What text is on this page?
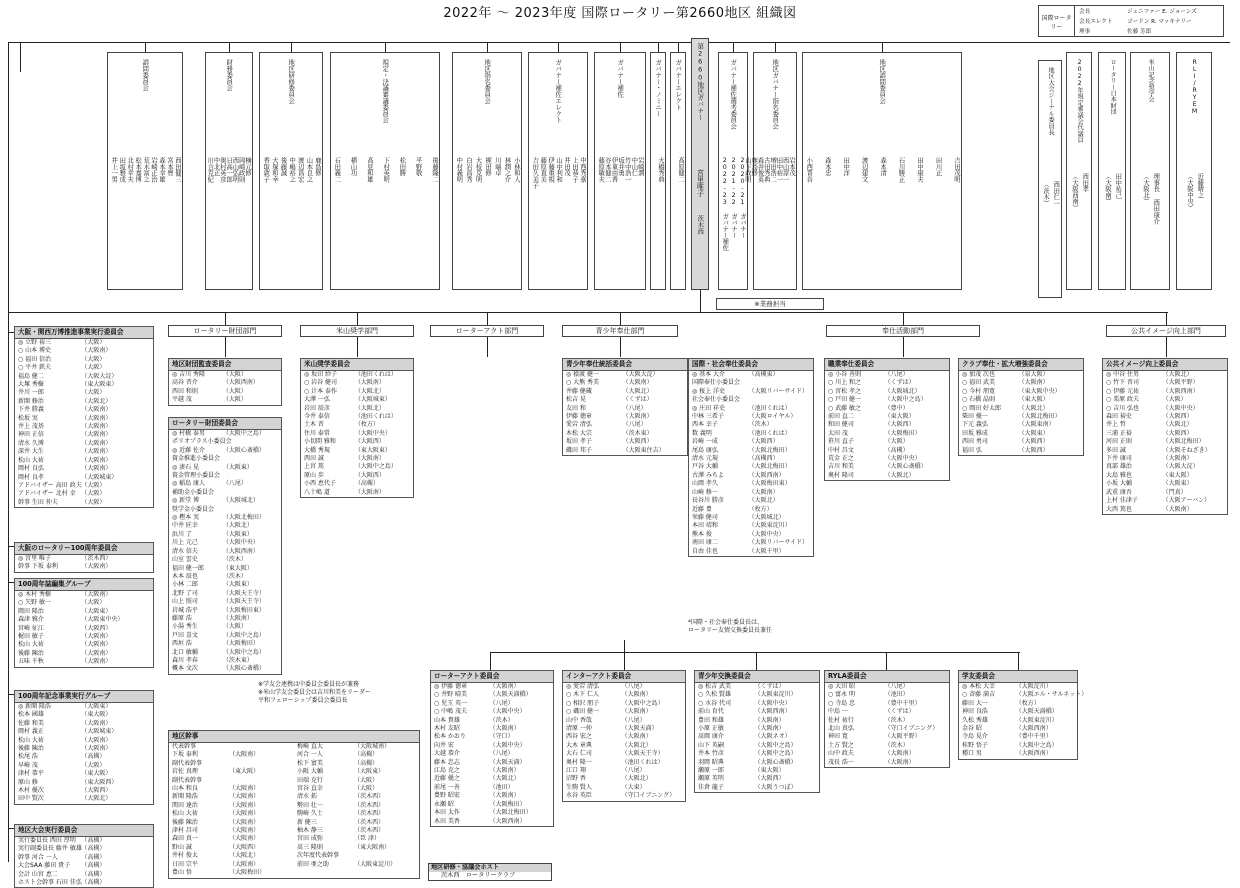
2022年 〜 2023年度 国際ロータリー第2660地区 組織図	国際ロータリー
会長	ジェニファー E. ジョーンズ
会長エレクト	ゴードン R. マッキナリー
理事	佐藤 芳郎
諮問委員会
西田健三
宮本豊
森本幸雄
岩崎正治
荒木富之
松本嘉博
北村幸夫
田坂雅成
井上一男
財務委員会
楠元修
岡崎政則
西山弘明
日高一郎
奥村英彦
中北正
川合克紀
地区研修委員会
鹿島修
山本良之
渡辺昌宏
中嶋裕之
後藤誠
大塚和幸
香取敦子
規定・決議審議委員会
後藤隆二
平野敬
松田勝
下村英明
高見和雄
横山功
石田義二
地区指名委員会
小林和人
林潤之介
川端卓
梶田修
大枝克明
白岩昌秀
中村義明
ガバナー補佐エレクト
中西秀嘉
上田恭子
井田茂
山中利和
伊藤重規
藤原直美
吉田久美子
ガバナー補佐
岩崎潤
中山仁
竹中浩一
坂井勇
伊東由香
谷本健二
藤原敏夫
ガバナー・ノミニー
大橋秀典
ガバナーエレクト
高原健二
ガバナー補佐選考委員会
2020-21 ガバナー
2021-22 ガバナー
2022-23 ガバナー補佐
地区ガバナー指名委員会
岩本茂
西山淳一
田中裕一
増田浩二
古田秀典
森井俊英
鹿島修
山下政明
地区諮問委員会
吉田茂明
田川正
田中康夫
石川勝正
森本清
渡辺建文
田中洋
森本忠
小西晋吾
地区大会ジーナル委員長
西田仁一
（茨木）
2022年規定審議会代議員
西田孝
（大阪西南）
ロータリー日本財団
田中祐己
（大阪南）
米山記念奨学会
理事長 西田康介
（大阪北）
RLI/RYEM
近藤晴之
（大阪中央）
第2660地区ガバナー
宮里唯子
茨木西
※業務担当
ロータリー財団部門	米山奨学部門	ローターアクト部門	青少年奉仕部門	奉仕活動部門	公共イメージ向上部門
大阪・関西万博推進事業実行委員会
◎ 立野 裕三	（大阪）
○ 山本 博史	（大阪南）
○ 福田 信治	（大阪）
○ 平井 鉄夫	（大阪）
福島 健二	（大阪大淀）
大塚 秀樹	（東大阪東）
井川 一郎	（大阪）
新開 修治	（大阪北）
下井 勝義	（大阪南）
松坂 実	（大阪南）
井上 茂基	（大阪南）
神田 正信	（大阪南）
清水 久博	（大阪南）
深井 大生	（大阪南）
松山 大祐	（大阪南）
岡村 良弘	（大阪南）
岡村 良孝	（大阪城東）
アドバイザー 高田 政夫 （大阪）
アドバイザー 北村 幸 （大阪）
幹事 生田 仲夫	（大阪）
大阪のロータリー100周年委員会
◎ 宮里 唯子	（茨木西）
幹事 下坂 泰利	（大阪南）
100周年誌編集グループ
◎ 木村 秀樹	（大阪南）
○ 矢野 敏一	（大阪）
岡田 隆治	（大阪東）
森津 雅介	（大阪東中央）
宮崎 征江	（大阪西）
梶田 敏子	（大阪南）
松山 大祐	（大阪南）
後藤 陳治	（大阪南）
五味 千秋	（大阪南）
100周年記念事業実行グループ
◎ 新開 隆浩	（大阪東）
松本 國雄	（東大阪）
佐藤 和美	（大阪南）
岡村 義正	（大阪城東）
松山 大祐	（大阪南）
後藤 陳治	（大阪南）
松尾 浩	（高槻）
早崎 茂	（大阪）
津村 恭平	（東大阪）
原山 修	（東大阪西）
木村 優次	（大阪西）
田中 賢次	（大阪北）
地区大会実行委員会
実行委員長 西田 厚明 （高槻）
実行副委員長 藤井 敏雄 （高槻）
幹事 河合 一人	（高槻）
大会SAA 藤田 貴子	（高槻）
会計 山宮 恵二	（高槻）
ホスト会幹事 石田 佳弘 （高槻）
地区財団監査委員会
◎ 吉川 秀隆	（大阪）
高谷 晋介	（大阪西南）
西田 和則	（大阪）
平越 茂	（大阪）
ロータリー財団委員会
◎ 村橋 泰男	（大阪中之島）
ポリオプラス小委員会
◎ 近藤 佐介	（大阪心斎橋）
資金推進小委員会
◎ 湊石 晃	（大阪東）
資金管理小委員会
◎ 稲島 康人	（八尾）
補助金小委員会
◎ 新堂 博	（大阪城北）
奨学金小委員会
◎ 樫本 実	（大阪北梅田）
中井 匠幸	（大阪北）
浜川 了	（大阪東）
川上 元己	（大阪中央）
清水 信夫	（大阪西南）
山室 雲史	（茨木）
福田 健一郎	（東大阪）
木本 辰也	（茨木）
小林 二郎	（大阪東）
北野 了司	（大阪天王寺）
山上 照司	（大阪天王寺）
岩城 浩平	（大阪梅田東）
藤原 浩	（大阪南）
小湯 秀生	（大阪）
戸田 喜文	（大阪中之島）
西垣 浩	（大阪梅田）
北口 敏輔	（大阪中之島）
森川 孝春	（茨木東）
概本 文次	（大阪心斎橋）
米山奨学委員会
◎ 坂田 紗子	（池田くれは）
○ 岩谷 健司	（大阪南）
○ 计本 泰作	（大阪北）
大澤 一弘	（大阪城東）
岩田 辰彦	（大阪北）
今井 泰信	（池田くれは）
土木 晋	（枚方）
住川 泰常	（大阪中央）
小切間 雅和	（大阪西）
大橋 秀規	（東大阪東）
西田 誠	（大阪南）
上宮 篤	（大阪中之島）
原山 歩	（大阪西）
小西 恵代子	（高槻）
八十嶋 道	（大阪南）
ローターアクト委員会
◎ 伊藤 徳章	（大阪南）
○ 井野 晴美	（大阪天満橋）
○ 児玉 英一	（八尾）
○ 中嶋 茂夫	（大阪中央）
山本 貴雄	（茨木）
木村 友昭	（大阪南）
松本 かおり	（守口）
向井 宏	（大阪中央）
大越 恭介	（八尾）
藤本 忠志	（大阪天満）
江島 克之	（大阪南）
近藤 優之	（大阪北）
前尾 一善	（池田）
豊野 昭宏	（大阪南）
永瀬 昭	（大阪梅田）
本田 太作	（大阪北梅田）
木田 美香	（大阪西南）
インターアクト委員会
◎ 愛宕 清弘	（八尾）
○ 木下 仁人	（大阪南）
○ 相沢 朋子	（大阪中之島）
○ 磯田 健一	（大阪南）
山中 香哉	（八尾）
清原 一仲	（大阪天満）
西谷 宏之	（大阪南）
大木 章典	（大阪北）
大石 仁司	（大阪天王寺）
奥村 隆一	（池田くれは）
江口 翔	（八尾）
沼野 香	（大阪北）
生駒 賢人	（大東）
水谷 英臣	（守口イブニング）
青少年奉仕統括委員会
◎ 猿渡 健一	（大阪大淀）
○ 大熊 秀美	（大阪南）
井藤 健蔵	（大阪北）
松吉 晃	（くずは）
友田 和	（八尾）
伊藤 徳章	（大阪南）
愛宕 清弘	（八尾）
木松 大宗	（茨木東）
坂田 孝子	（大阪西）
磯田 邦子	（大阪東住吉）
青少年交換委員会
◎ 松吉 武美	（くずは）
○ 久松 賢雄	（大阪東淀川）
○ 水谷 代司	（大阪中央）
前山 育代	（大阪西南）
豊田 和雄	（大阪南）
小原 正敏	（大阪南）
髙岡 康介	（大阪ネオ）
山下 英嗣	（大阪中之島）
井本 竹彦	（大阪中之島）
羽岡 昭典	（大阪心斎橋）
瀬原 一郎	（東大阪）
瀬原 英明	（大阪西）
佳倉 龍子	（大阪うつぼ）
RYLA委員会
◎ 大田 昭	（八尾）
○ 富永 明	（池田）
○ 寺島 忠	（豊中千里）
中島 一	（くずは）
佐村 祐行	（茨木）
北山 真弘	（守口イブニング）
神田 寛	（大阪平野）
土方 賢之	（茨木）
山中 政夫	（大阪南）
茂長 浩一	（大阪南）
学友委員会
◎ 本松 大幸	（大阪淀川）
○ 斉藤 満吉	（大阪エル・サルネット）
藤田 大一	（枚方）
神田 良浩	（大阪天満橋）
久松 秀雄	（大阪東淀川）
金谷 昭	（大阪西南）
寺島 晃介	（豊中千里）
桂野 悟子	（大阪中之島）
種口 男	（大阪西南）
国際・社会奉仕委員会
◎ 基本 大介	（高槻東）
国際奉仕小委員会
◎ 桜上 洋史	（大阪リバーサイド）
社会奉仕小委員会
◎ 庄田 祥史	（池田くれは）
中林 三希子	（大阪ロイヤル）
西本 幸子	（茨木）
数 義明	（池田くれは）
岩崎 一成	（大阪西）
尾島 康弘	（大阪北梅田）
清水 元規	（高槻西）
戸谷 大輔	（大阪北梅田）
古澤 みちよ	（大阪西南）
山岡 孝久	（大阪梅田東）
山崎 修一	（大阪南）
長谷川 勝彦	（大阪北）
近藤 豊	（枚方）
栄藤 健司	（大阪城北）
本田 靖和	（大阪東淀川）
熊本 俊	（大阪中央）
南田 康二	（大阪リバーサイド）
自由 佳也	（大阪千里）
職業奉仕委員会
◎ 小谷 善則	（八尾）
○ 川上 和之	（くずは）
○ 宮松 孝之	（大阪城北）
○ 戸田 健一	（大阪中之島）
○ 武藤 敏之	（豊中）
前田 直二	（東大阪）
和田 健司	（大阪西）
太田 茂	（大阪梅田）
笹川 直子	（大阪）
中村 昌文	（高槻）
荒金 正之	（大阪中央）
吉川 和美	（大阪心斎橋）
奥村 隆司	（大阪北）
クラブ奉仕・拡大増強委員会
◎ 加茂 次也	（泉大阪）
○ 福田 武美	（大阪南）
○ 今村 朋寛	（東大阪中央）
○ 石橋 晶則	（東大阪）
○ 岡田 好太郎	（大阪北）
柴田 優一	（大阪北梅田）
下元 義弘	（大阪東南）
田坂 雅成	（大阪東）
西田 勇司	（大阪西）
福田 弘	（大阪西）
公共イメージ向上委員会
◎ 中谷 住男	（大阪北）
○ 竹下 晋司	（大阪平野）
○ 伊藤 元祐	（大阪西南）
○ 栗原 政夫	（大阪）
○ 吉川 弘也	（大阪中央）
森田 裕史	（大阪西）
井上 哲	（大阪北）
三浦 正裕	（大阪西）
河田 正則	（大阪北梅田）
多田 誠	（大阪そねざき）
下井 康司	（大阪南）
真部 雄治	（大阪大淀）
大島 雅也	（東大阪）
小坂 大輔	（大阪東）
武重 康吾	（門真）
上村 佳津子	（大阪アーバン）
大西 篤也	（大阪南）
地区幹事
代表幹事
下坂 泰利	（大阪南）
副代表幹事
岩佐 真理	（東大阪）
副代表幹事
山本 和良	（大阪南）
新開 隆浩	（大阪南）
関田 達治	（大阪南）
松山 大祐	（大阪南）
後藤 陳治	（大阪南）
津村 昌司	（大阪南）
森田 真一	（大阪南）
野山 誠	（大阪西）
井村 俊太	（大阪北）
日田 宗平	（大阪南）
豊山 悟	（大阪梅田）
梅崎 直大	（大阪城南）
河合 一人	（高槻）
松下 富美	（高槻）
小阪 大輔	（大阪東）
田端 克行	（大阪）
宮谷 直幸	（大阪）
清水 拓	（茨木西）
勢田 壮一	（茨木西）
駒崎 久士	（茨木西）
新 健三	（茨木西）
柚木 静三	（茨木西）
宮田 成弥	（臣 津）
髙三 隆則	（東大阪南）
次年度代表幹事
前田 亜之助	（大阪東淀川）
※学友会連携は中委員会委員長が兼務
※米山学友会委員会は吉川和美をリーダー
平和フェローシップ委員会委員長
*国際・社会奉仕委員長は、
ロータリー友情交換委員長兼任
地区研修・協議会ホスト
茨木西　ロータリークラブ
